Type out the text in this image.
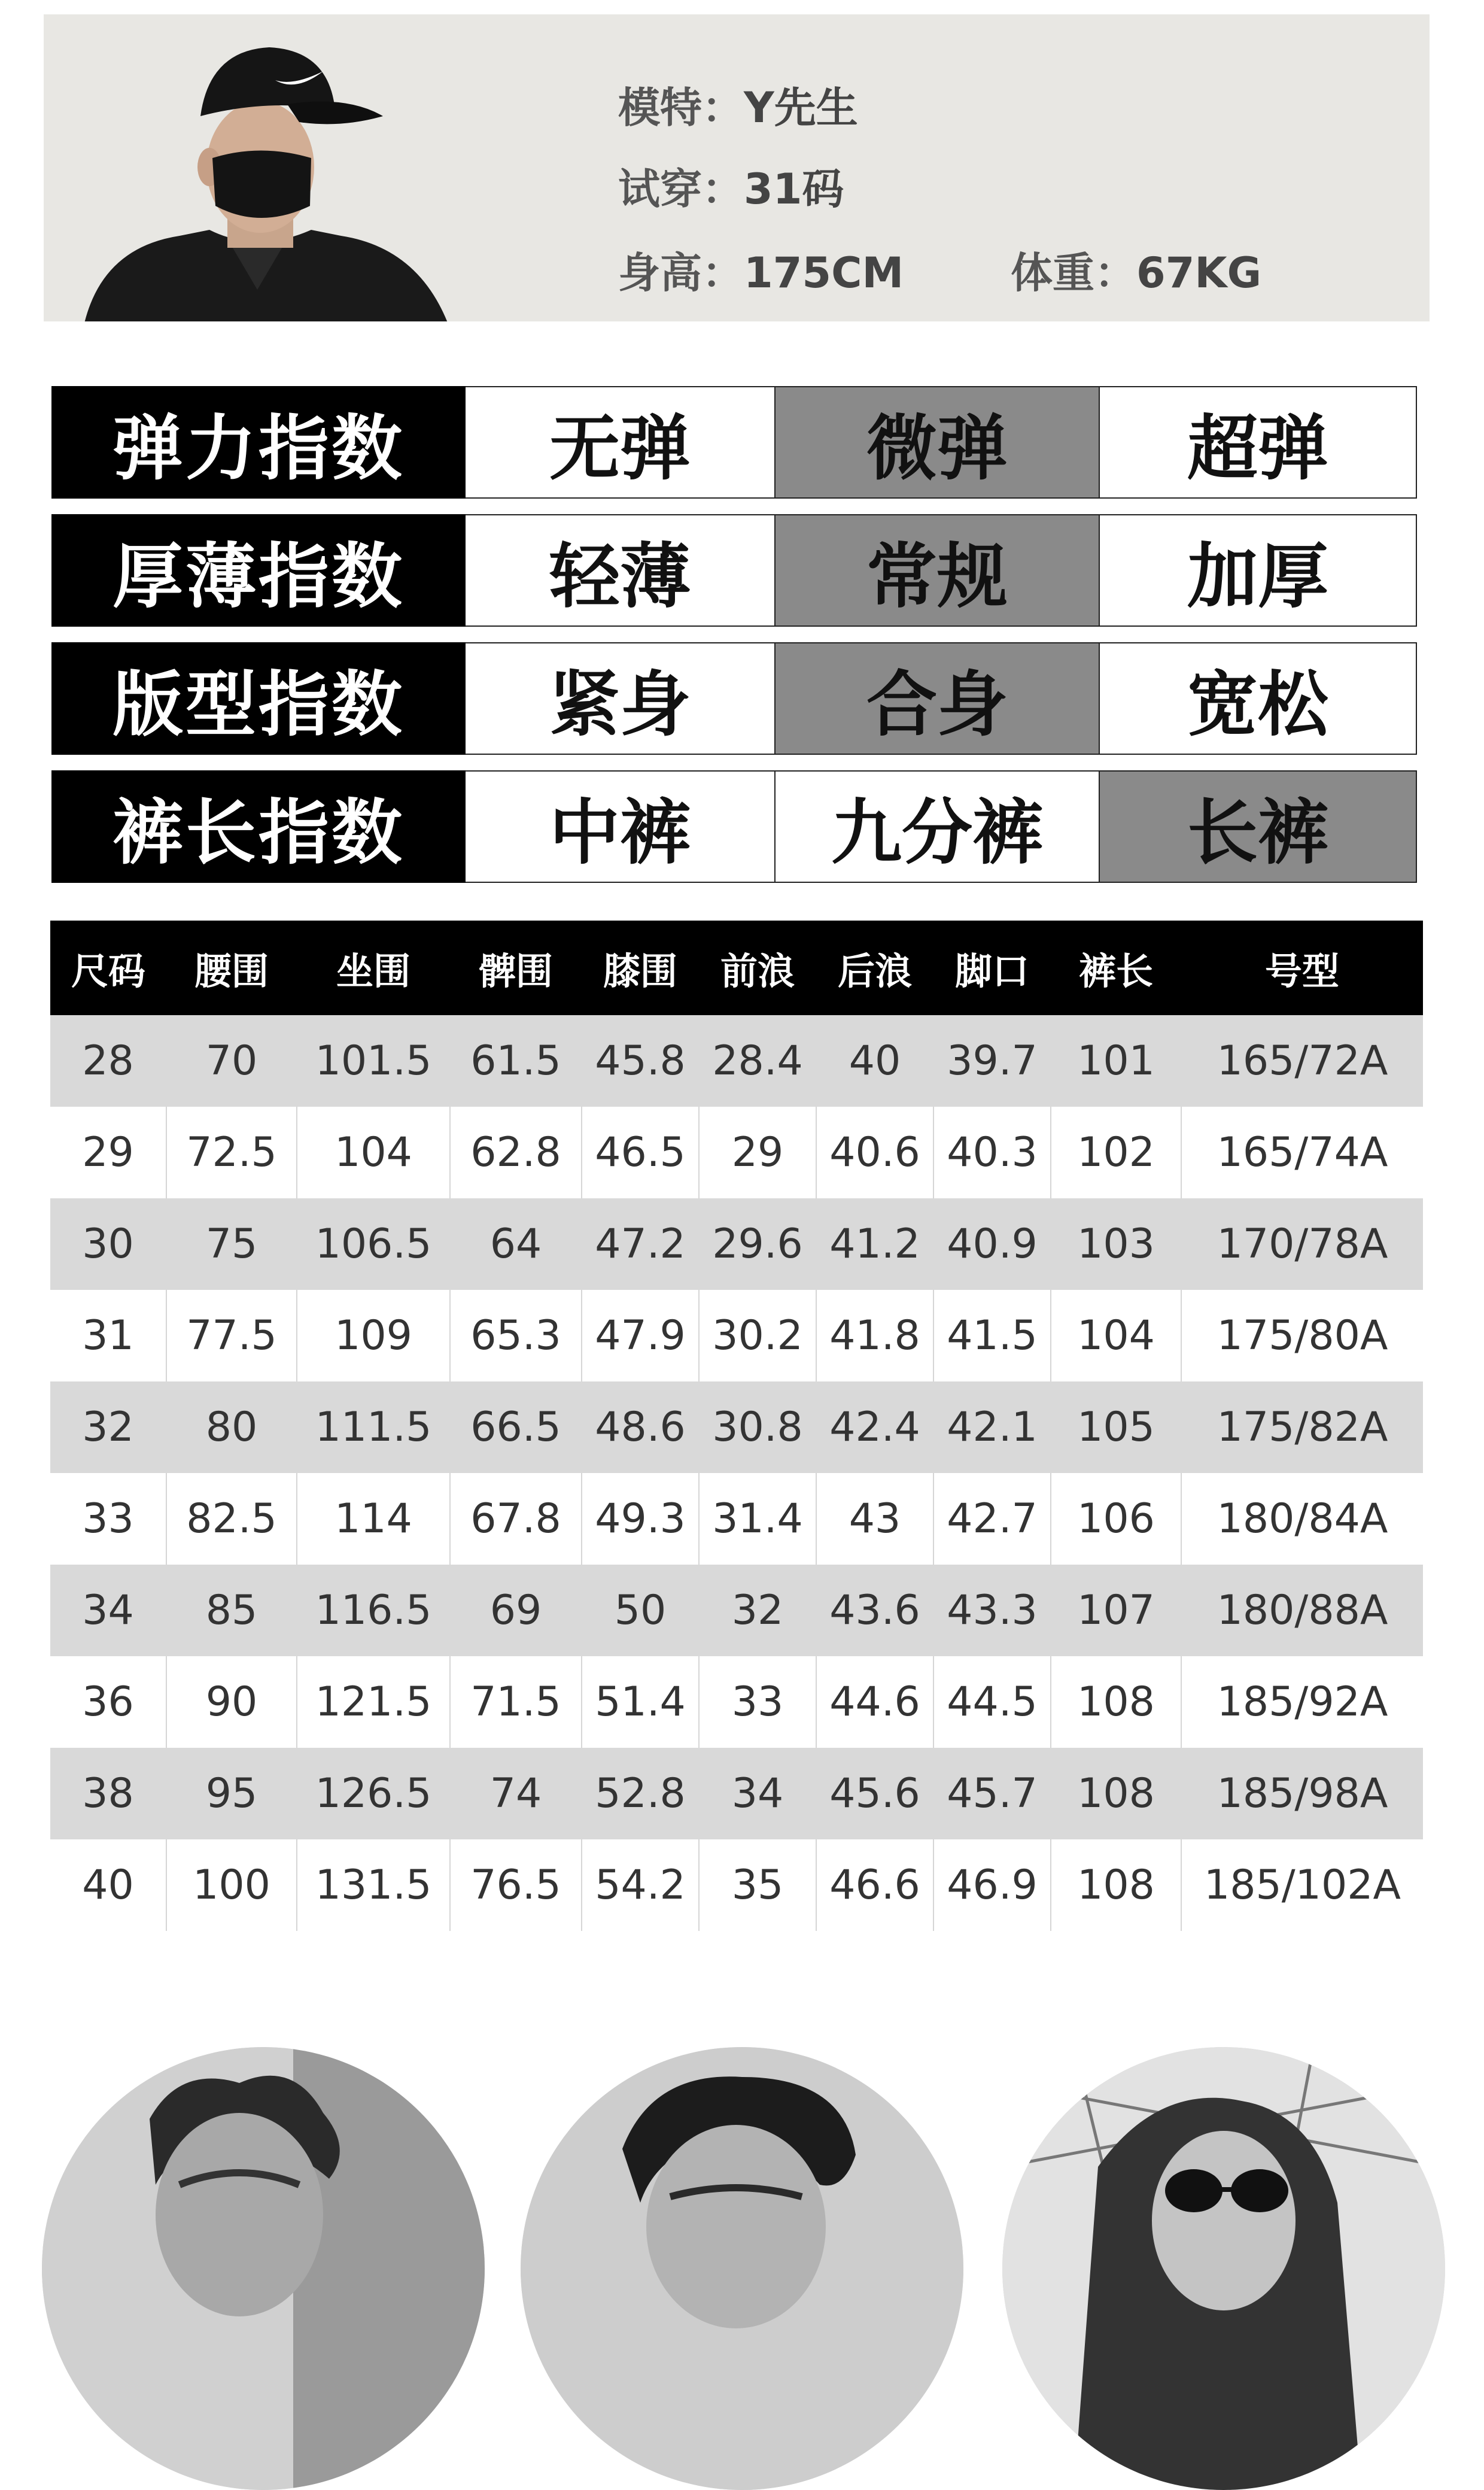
模特：Y先生
试穿：31码
身高：175CM	体重：67KG
弹力指数	无弹	微弹	超弹
厚薄指数	轻薄	常规	加厚
版型指数	紧身	合身	宽松
裤长指数	中裤	九分裤	长裤
尺码	腰围	坐围	髀围	膝围	前浪	后浪	脚口	裤长	号型
28	70	101.5	61.5	45.8	28.4	40	39.7	101	165/72A
29	72.5	104	62.8	46.5	29	40.6	40.3	102	165/74A
30	75	106.5	64	47.2	29.6	41.2	40.9	103	170/78A
31	77.5	109	65.3	47.9	30.2	41.8	41.5	104	175/80A
32	80	111.5	66.5	48.6	30.8	42.4	42.1	105	175/82A
33	82.5	114	67.8	49.3	31.4	43	42.7	106	180/84A
34	85	116.5	69	50	32	43.6	43.3	107	180/88A
36	90	121.5	71.5	51.4	33	44.6	44.5	108	185/92A
38	95	126.5	74	52.8	34	45.6	45.7	108	185/98A
40	100	131.5	76.5	54.2	35	46.6	46.9	108	185/102A
